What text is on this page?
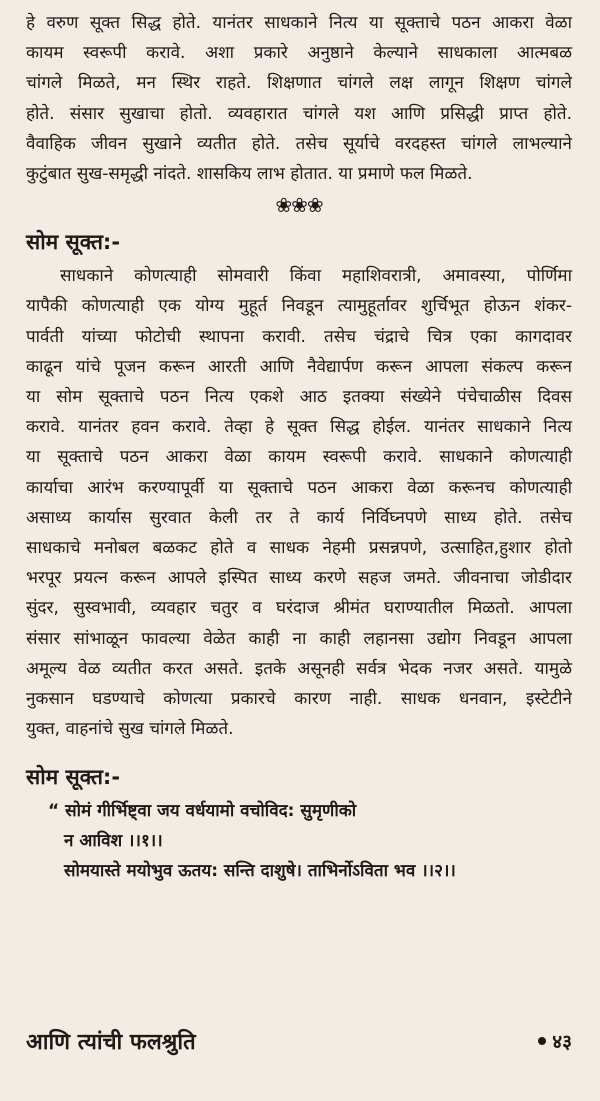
हे वरुण सूक्त सिद्ध होते. यानंतर साधकाने नित्य या सूक्ताचे पठन आकरा वेळा
कायम स्वरूपी करावे. अशा प्रकारे अनुष्ठाने केल्याने साधकाला आत्मबळ
चांगले मिळते, मन स्थिर राहते. शिक्षणात चांगले लक्ष लागून शिक्षण चांगले
होते. संसार सुखाचा होतो. व्यवहारात चांगले यश आणि प्रसिद्धी प्राप्त होते.
वैवाहिक जीवन सुखाने व्यतीत होते. तसेच सूर्याचे वरदहस्त चांगले लाभल्याने
कुटुंबात सुख-समृद्धी नांदते. शासकिय लाभ होतात. या प्रमाणे फल मिळते.
❀❀❀
सोम सूक्त:-
साधकाने कोणत्याही सोमवारी किंवा महाशिवरात्री, अमावस्या, पोर्णिमा
यापैकी कोणत्याही एक योग्य मुहूर्त निवडून त्यामुहूर्तावर शुर्चिभूत होऊन शंकर-
पार्वती यांच्या फोटोची स्थापना करावी. तसेच चंद्राचे चित्र एका कागदावर
काढून यांचे पूजन करून आरती आणि नैवेद्यार्पण करून आपला संकल्प करून
या सोम सूक्ताचे पठन नित्य एकशे आठ इतक्या संख्येने पंचेचाळीस दिवस
करावे. यानंतर हवन करावे. तेव्हा हे सूक्त सिद्ध होईल. यानंतर साधकाने नित्य
या सूक्ताचे पठन आकरा वेळा कायम स्वरूपी करावे. साधकाने कोणत्याही
कार्याचा आरंभ करण्यापूर्वी या सूक्ताचे पठन आकरा वेळा करूनच कोणत्याही
असाध्य कार्यास सुरवात केली तर ते कार्य निर्विघ्नपणे साध्य होते. तसेच
साधकाचे मनोबल बळकट होते व साधक नेहमी प्रसन्नपणे, उत्साहित,हुशार होतो
भरपूर प्रयत्न करून आपले इस्पित साध्य करणे सहज जमते. जीवनाचा जोडीदार
सुंदर, सुस्वभावी, व्यवहार चतुर व घरंदाज श्रीमंत घराण्यातील मिळतो. आपला
संसार सांभाळून फावल्या वेळेत काही ना काही लहानसा उद्योग निवडून आपला
अमूल्य वेळ व्यतीत करत असते. इतके असूनही सर्वत्र भेदक नजर असते. यामुळे
नुकसान घडण्याचे कोणत्या प्रकारचे कारण नाही. साधक धनवान, इस्टेटीने
युक्त, वाहनांचे सुख चांगले मिळते.
सोम सूक्त:-
“ सोमं गीर्भिष्ट्वा जय वर्धयामो वचोविद: सुमृणीको
न आविश ।।१।।
सोमयास्ते मयोभुव ऊतय: सन्ति दाशुषे। ताभिर्नोऽविता भव ।।२।।
आणि त्यांची फलश्रुति	४३
